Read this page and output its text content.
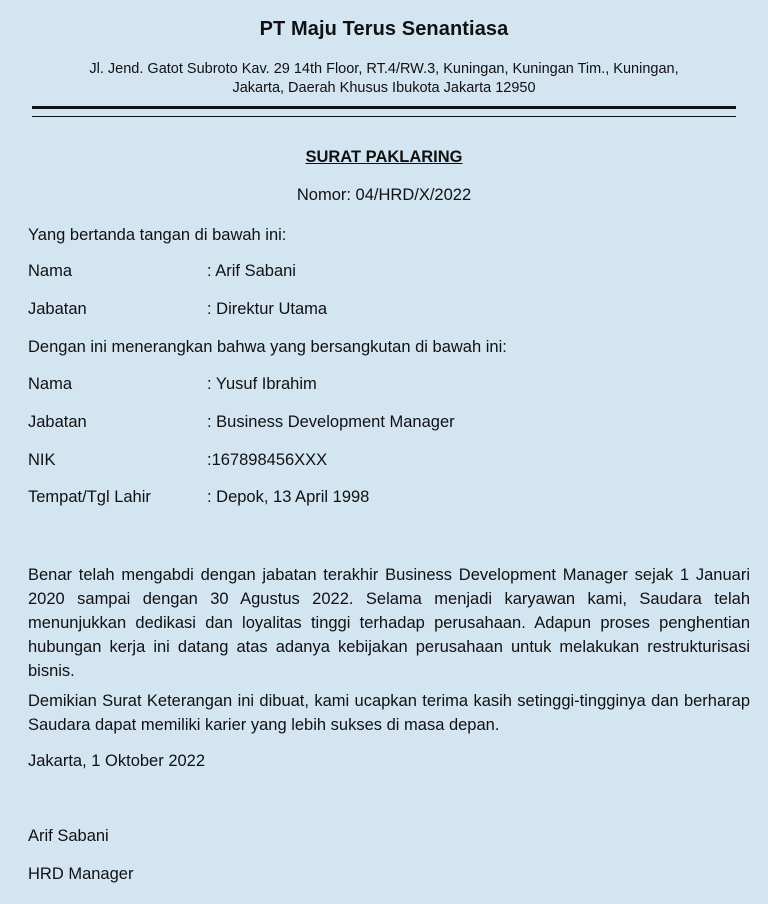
PT Maju Terus Senantiasa
Jl. Jend. Gatot Subroto Kav. 29 14th Floor, RT.4/RW.3, Kuningan, Kuningan Tim., Kuningan,
Jakarta, Daerah Khusus Ibukota Jakarta 12950
SURAT PAKLARING
Nomor: 04/HRD/X/2022
Yang bertanda tangan di bawah ini:
Nama	: Arif Sabani
Jabatan	: Direktur Utama
Dengan ini menerangkan bahwa yang bersangkutan di bawah ini:
Nama	: Yusuf Ibrahim
Jabatan	: Business Development Manager
NIK	:167898456XXX
Tempat/Tgl Lahir	: Depok, 13 April 1998
Benar telah mengabdi dengan jabatan terakhir Business Development Manager sejak 1 Januari 2020 sampai dengan 30 Agustus 2022. Selama menjadi karyawan kami, Saudara telah menunjukkan dedikasi dan loyalitas tinggi terhadap perusahaan. Adapun proses penghentian hubungan kerja ini datang atas adanya kebijakan perusahaan untuk melakukan restrukturisasi bisnis.
Demikian Surat Keterangan ini dibuat, kami ucapkan terima kasih setinggi-tingginya dan berharap Saudara dapat memiliki karier yang lebih sukses di masa depan.
Jakarta, 1 Oktober 2022
Arif Sabani
HRD Manager
